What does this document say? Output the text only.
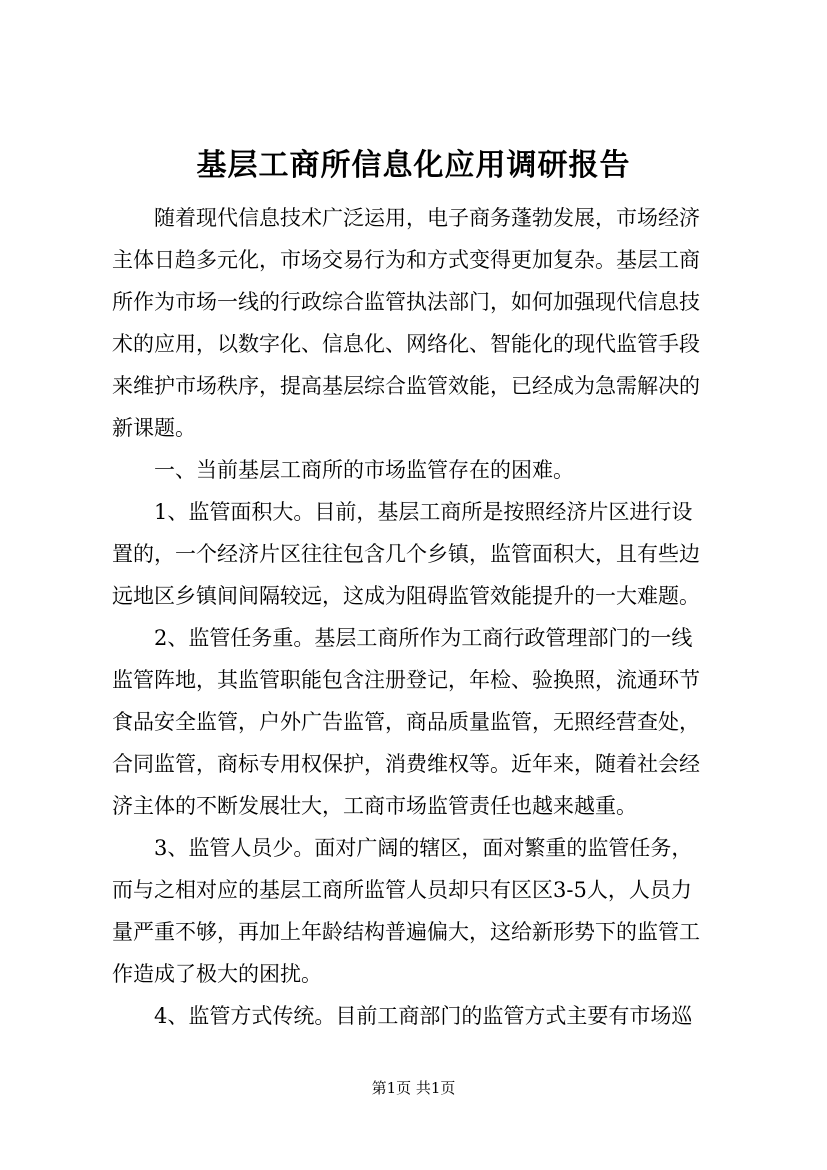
基层工商所信息化应用调研报告

随着现代信息技术广泛运用，电子商务蓬勃发展，市场经济

主体日趋多元化，市场交易行为和方式变得更加复杂。基层工商

所作为市场一线的行政综合监管执法部门，如何加强现代信息技

术的应用，以数字化、信息化、网络化、智能化的现代监管手段

来维护市场秩序，提高基层综合监管效能，已经成为急需解决的

新课题。

一、当前基层工商所的市场监管存在的困难。

1、监管面积大。目前，基层工商所是按照经济片区进行设

置的，一个经济片区往往包含几个乡镇，监管面积大，且有些边

远地区乡镇间间隔较远，这成为阻碍监管效能提升的一大难题。

2、监管任务重。基层工商所作为工商行政管理部门的一线

监管阵地，其监管职能包含注册登记，年检、验换照，流通环节

食品安全监管，户外广告监管，商品质量监管，无照经营查处，

合同监管，商标专用权保护，消费维权等。近年来，随着社会经

济主体的不断发展壮大，工商市场监管责任也越来越重。

3、监管人员少。面对广阔的辖区，面对繁重的监管任务，

而与之相对应的基层工商所监管人员却只有区区3-5人，人员力

量严重不够，再加上年龄结构普遍偏大，这给新形势下的监管工

作造成了极大的困扰。

4、监管方式传统。目前工商部门的监管方式主要有市场巡

第1页 共1页
